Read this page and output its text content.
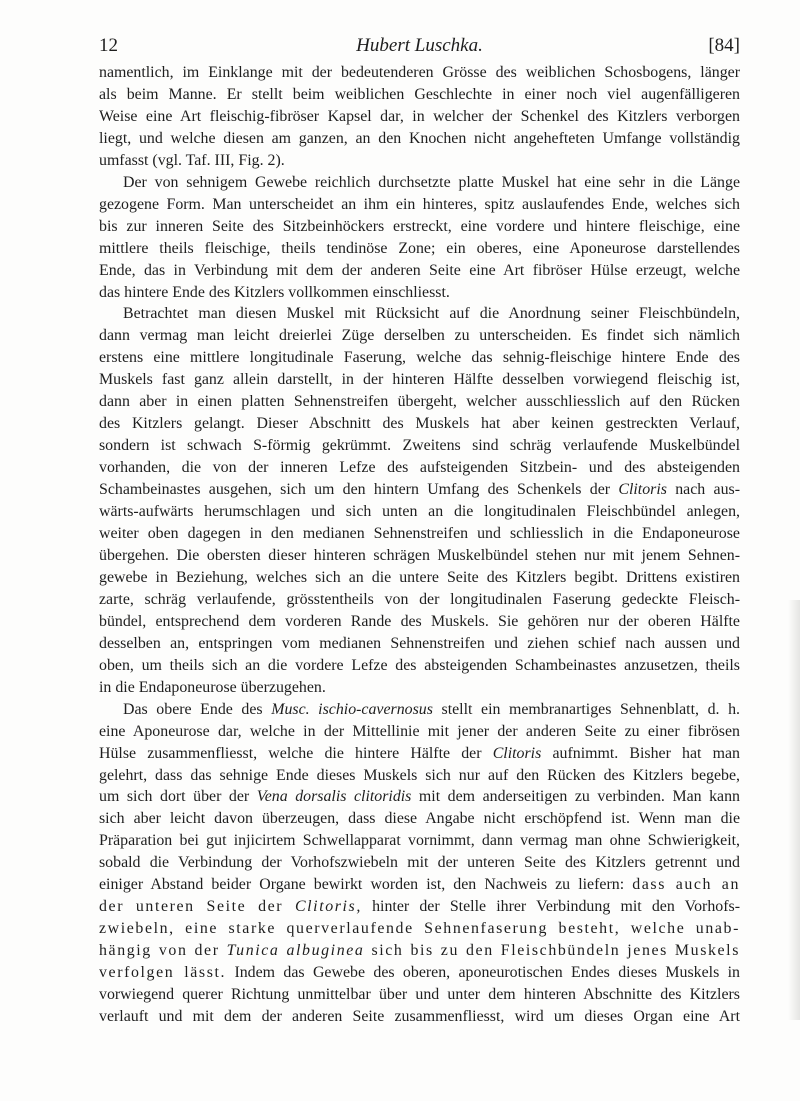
12	Hubert Luschka.	[84]
namentlich, im Einklange mit der bedeutenderen Grösse des weiblichen Schosbogens, länger
als beim Manne. Er stellt beim weiblichen Geschlechte in einer noch viel augenfälligeren
Weise eine Art fleischig-fibröser Kapsel dar, in welcher der Schenkel des Kitzlers verborgen
liegt, und welche diesen am ganzen, an den Knochen nicht angehefteten Umfange vollständig
umfasst (vgl. Taf. III, Fig. 2).
Der von sehnigem Gewebe reichlich durchsetzte platte Muskel hat eine sehr in die Länge
gezogene Form. Man unterscheidet an ihm ein hinteres, spitz auslaufendes Ende, welches sich
bis zur inneren Seite des Sitzbeinhöckers erstreckt, eine vordere und hintere fleischige, eine
mittlere theils fleischige, theils tendinöse Zone; ein oberes, eine Aponeurose darstellendes
Ende, das in Verbindung mit dem der anderen Seite eine Art fibröser Hülse erzeugt, welche
das hintere Ende des Kitzlers vollkommen einschliesst.
Betrachtet man diesen Muskel mit Rücksicht auf die Anordnung seiner Fleischbündeln,
dann vermag man leicht dreierlei Züge derselben zu unterscheiden. Es findet sich nämlich
erstens eine mittlere longitudinale Faserung, welche das sehnig-fleischige hintere Ende des
Muskels fast ganz allein darstellt, in der hinteren Hälfte desselben vorwiegend fleischig ist,
dann aber in einen platten Sehnenstreifen übergeht, welcher ausschliesslich auf den Rücken
des Kitzlers gelangt. Dieser Abschnitt des Muskels hat aber keinen gestreckten Verlauf,
sondern ist schwach S-förmig gekrümmt. Zweitens sind schräg verlaufende Muskelbündel
vorhanden, die von der inneren Lefze des aufsteigenden Sitzbein- und des absteigenden
Schambeinastes ausgehen, sich um den hintern Umfang des Schenkels der Clitoris nach aus-
wärts-aufwärts herumschlagen und sich unten an die longitudinalen Fleischbündel anlegen,
weiter oben dagegen in den medianen Sehnenstreifen und schliesslich in die Endaponeurose
übergehen. Die obersten dieser hinteren schrägen Muskelbündel stehen nur mit jenem Sehnen-
gewebe in Beziehung, welches sich an die untere Seite des Kitzlers begibt. Drittens existiren
zarte, schräg verlaufende, grösstentheils von der longitudinalen Faserung gedeckte Fleisch-
bündel, entsprechend dem vorderen Rande des Muskels. Sie gehören nur der oberen Hälfte
desselben an, entspringen vom medianen Sehnenstreifen und ziehen schief nach aussen und
oben, um theils sich an die vordere Lefze des absteigenden Schambeinastes anzusetzen, theils
in die Endaponeurose überzugehen.
Das obere Ende des Musc. ischio-cavernosus stellt ein membranartiges Sehnenblatt, d. h.
eine Aponeurose dar, welche in der Mittellinie mit jener der anderen Seite zu einer fibrösen
Hülse zusammenfliesst, welche die hintere Hälfte der Clitoris aufnimmt. Bisher hat man
gelehrt, dass das sehnige Ende dieses Muskels sich nur auf den Rücken des Kitzlers begebe,
um sich dort über der Vena dorsalis clitoridis mit dem anderseitigen zu verbinden. Man kann
sich aber leicht davon überzeugen, dass diese Angabe nicht erschöpfend ist. Wenn man die
Präparation bei gut injicirtem Schwellapparat vornimmt, dann vermag man ohne Schwierigkeit,
sobald die Verbindung der Vorhofszwiebeln mit der unteren Seite des Kitzlers getrennt und
einiger Abstand beider Organe bewirkt worden ist, den Nachweis zu liefern: dass auch an
der unteren Seite der Clitoris, hinter der Stelle ihrer Verbindung mit den Vorhofs-
zwiebeln, eine starke querverlaufende Sehnenfaserung besteht, welche unab-
hängig von der Tunica albuginea sich bis zu den Fleischbündeln jenes Muskels
verfolgen lässt. Indem das Gewebe des oberen, aponeurotischen Endes dieses Muskels in
vorwiegend querer Richtung unmittelbar über und unter dem hinteren Abschnitte des Kitzlers
verlauft und mit dem der anderen Seite zusammenfliesst, wird um dieses Organ eine Art
